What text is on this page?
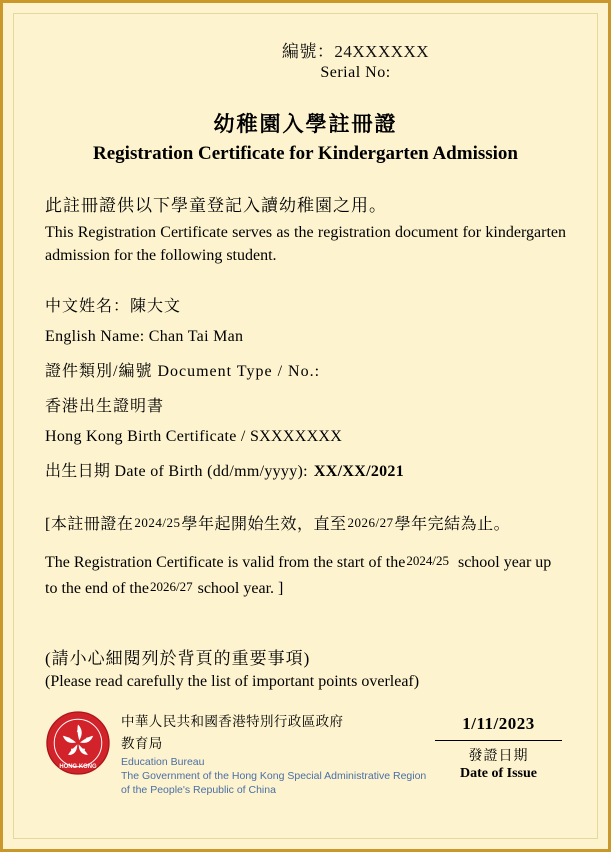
編號：24XXXXXX
Serial No:
幼稚園入學註冊證
Registration Certificate for Kindergarten Admission
此註冊證供以下學童登記入讀幼稚園之用。
This Registration Certificate serves as the registration document for kindergarten admission for the following student.
中文姓名：陳大文
English Name: Chan Tai Man
證件類別/編號 Document Type / No.:
香港出生證明書
Hong Kong Birth Certificate / SXXXXXXX
出生日期 Date of Birth (dd/mm/yyyy): XX/XX/2021
[本註冊證在2024/25學年起開始生效，直至2026/27學年完結為止。
The Registration Certificate is valid from the start of the2024/25 school year up to the end of the2026/27 school year. ]
(請小心細閱列於背頁的重要事項)
(Please read carefully the list of important points overleaf)
HONG KONG
中華人民共和國香港特別行政區政府
教育局
Education Bureau
The Government of the Hong Kong Special Administrative Region of the People's Republic of China
1/11/2023
發證日期
Date of Issue
